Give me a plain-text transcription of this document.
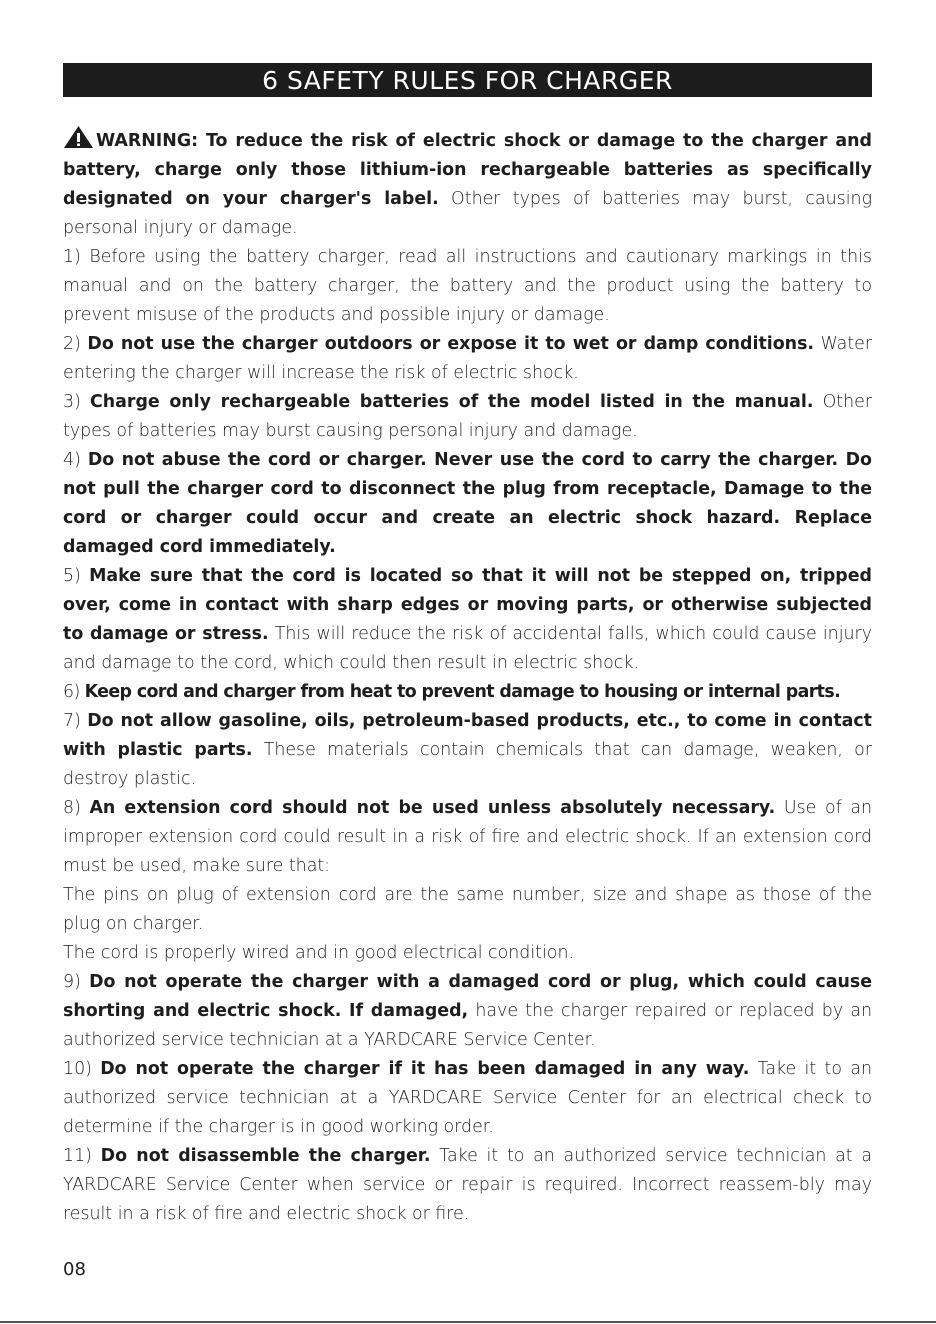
6 SAFETY RULES FOR CHARGER

WARNING: To reduce the risk of electric shock or damage to the charger and battery, charge only those lithium-ion rechargeable batteries as specifically designated on your charger's label. Other types of batteries may burst, causing personal injury or damage.

1) Before using the battery charger, read all instructions and cautionary markings in this manual and on the battery charger, the battery and the product using the battery to prevent misuse of the products and possible injury or damage.

2) Do not use the charger outdoors or expose it to wet or damp conditions. Water entering the charger will increase the risk of electric shock.

3) Charge only rechargeable batteries of the model listed in the manual. Other types of batteries may burst causing personal injury and damage.

4) Do not abuse the cord or charger. Never use the cord to carry the charger. Do not pull the charger cord to disconnect the plug from receptacle, Damage to the cord or charger could occur and create an electric shock hazard. Replace damaged cord immediately.

5) Make sure that the cord is located so that it will not be stepped on, tripped over, come in contact with sharp edges or moving parts, or otherwise subjected to damage or stress. This will reduce the risk of accidental falls, which could cause injury and damage to the cord, which could then result in electric shock.

6) Keep cord and charger from heat to prevent damage to housing or internal parts.

7) Do not allow gasoline, oils, petroleum-based products, etc., to come in contact with plastic parts. These materials contain chemicals that can damage, weaken, or destroy plastic.

8) An extension cord should not be used unless absolutely necessary. Use of an improper extension cord could result in a risk of fire and electric shock. If an extension cord must be used, make sure that:

The pins on plug of extension cord are the same number, size and shape as those of the plug on charger.

The cord is properly wired and in good electrical condition.

9) Do not operate the charger with a damaged cord or plug, which could cause shorting and electric shock. If damaged, have the charger repaired or replaced by an authorized service technician at a YARDCARE Service Center.

10) Do not operate the charger if it has been damaged in any way. Take it to an authorized service technician at a YARDCARE Service Center for an electrical check to determine if the charger is in good working order.

11) Do not disassemble the charger. Take it to an authorized service technician at a YARDCARE Service Center when service or repair is required. Incorrect reassem-bly may result in a risk of fire and electric shock or fire.

08
